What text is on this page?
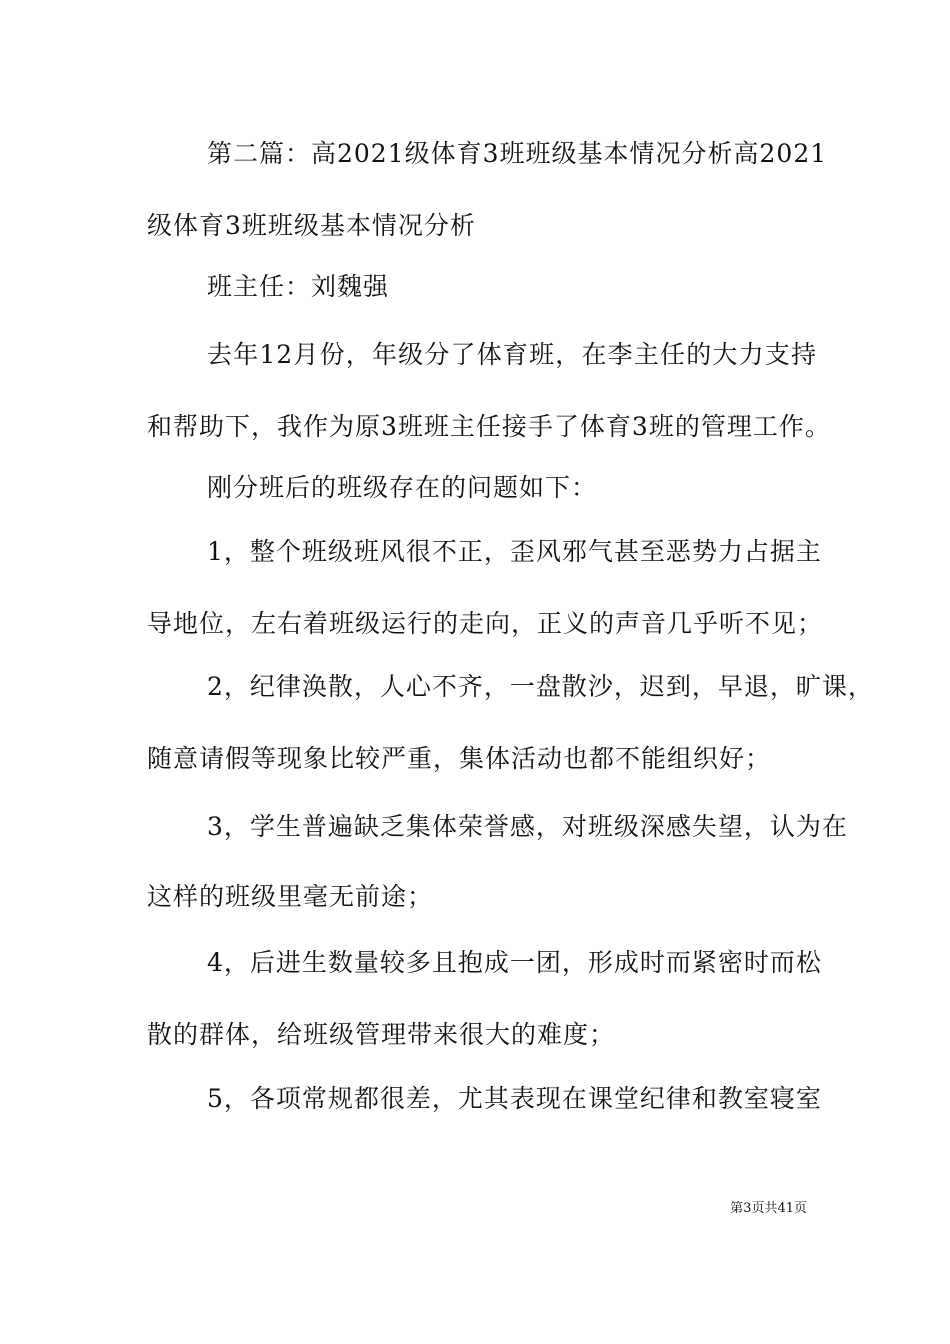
第二篇：高2021级体育3班班级基本情况分析高2021
级体育3班班级基本情况分析
班主任：刘魏强
去年12月份，年级分了体育班，在李主任的大力支持
和帮助下，我作为原3班班主任接手了体育3班的管理工作。
刚分班后的班级存在的问题如下：
1，整个班级班风很不正，歪风邪气甚至恶势力占据主
导地位，左右着班级运行的走向，正义的声音几乎听不见；
2，纪律涣散，人心不齐，一盘散沙，迟到，早退，旷课，
随意请假等现象比较严重，集体活动也都不能组织好；
3，学生普遍缺乏集体荣誉感，对班级深感失望，认为在
这样的班级里毫无前途；
4，后进生数量较多且抱成一团，形成时而紧密时而松
散的群体，给班级管理带来很大的难度；
5，各项常规都很差，尤其表现在课堂纪律和教室寝室
第3页共41页
